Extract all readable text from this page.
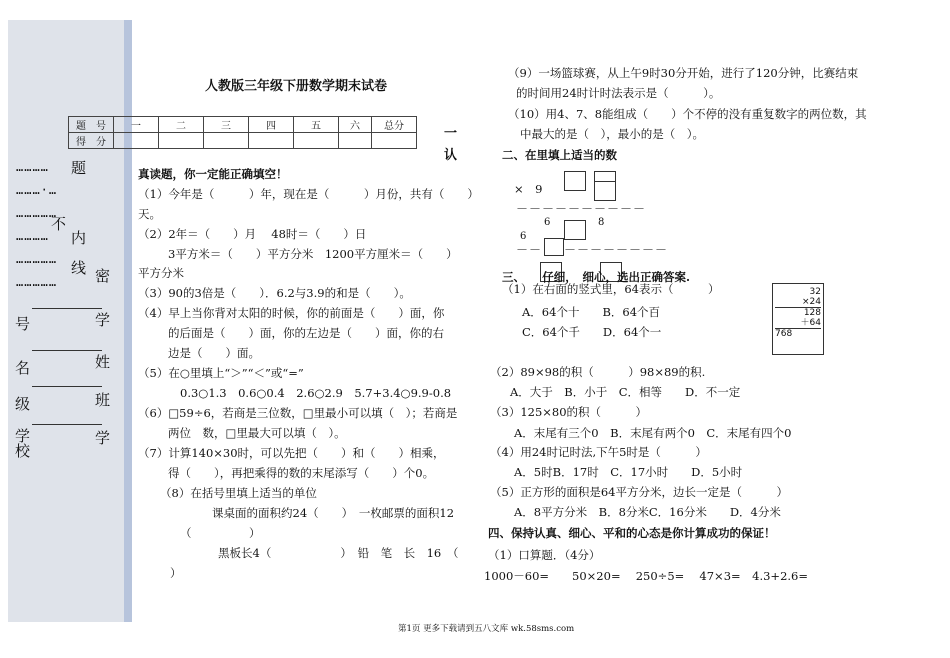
…………
………·…
……………
…………
……………
……………
题
不
内
线
密
学
号
姓
名
班
级
学
学校
人教版三年级下册数学期末试卷
题　号	一	二	三	四	五	六	总分
得　分							
一
认
真读题，你一定能正确填空！
（1）今年是（　　　）年，现在是（　　　）月份，共有（　　）
天。
（2）2年＝（　　）月　 48时＝（　　）日
3平方米＝（　　）平方分米　1200平方厘米＝（　　）
平方分米
（3）90的3倍是（　　）．6.2与3.9的和是（　　）。
（4）早上当你背对太阳的时候，你的前面是（　　）面，你
的后面是（　　）面，你的左边是（　　）面，你的右
边是（　　）面。
（5）在○里填上“＞”“＜”或“=”
0.3○1.3　0.6○0.4　2.6○2.9　5.7+3.4○9.9-0.8
（6）□59÷6，若商是三位数，□里最小可以填（　）；若商是
两位　数，□里最大可以填（　）。
（7）计算140×30时，可以先把（　　）和（　　）相乘，
得（　　），再把乘得的数的末尾添写（　　）个0。
（8）在括号里填上适当的单位
课桌面的面积约24（　　）　一枚邮票的面积12
（　　　　　）
黑板长4（　　　　　　）　铅　笔　长　16　（
）
（9）一场篮球赛，从上午9时30分开始，进行了120分钟，比赛结束
的时间用24时计时法表示是（　　　）。
（10）用4、7、8能组成（　　）个不停的没有重复数字的两位数，其
中最大的是（　），最小的是（　）。
二、在里填上适当的数
×　9
－－－－－－－－－－
6	8
6
－－ －－－－－－－－
三、　　仔细，　细心，选出正确答案.
（1）在右面的竖式里，64表示（　　　）
A．64个十　　B．64个百
C．64个千　　D．64个一
32
×24
128
＋64
768
（2）89×98的积（　　　）98×89的积.
A．大于　B．小于　C．相等　　D．不一定
（3）125×80的积（　　　）
A．末尾有三个0　B．末尾有两个0　C．末尾有四个0
（4）用24时记时法,下午5时是（　　　）
A．5时B．17时　C．17小时　　D．5小时
（5）正方形的面积是64平方分米，边长一定是（　　　）
A．8平方分米　B．8分米C．16分米　　D．4分米
四、保持认真、细心、平和的心态是你计算成功的保证！
（1）口算题．（4分）
1000－60=　　50×20=　 250÷5=　 47×3=　4.3+2.6=
第1页 更多下载请到五八文库 wk.58sms.com
